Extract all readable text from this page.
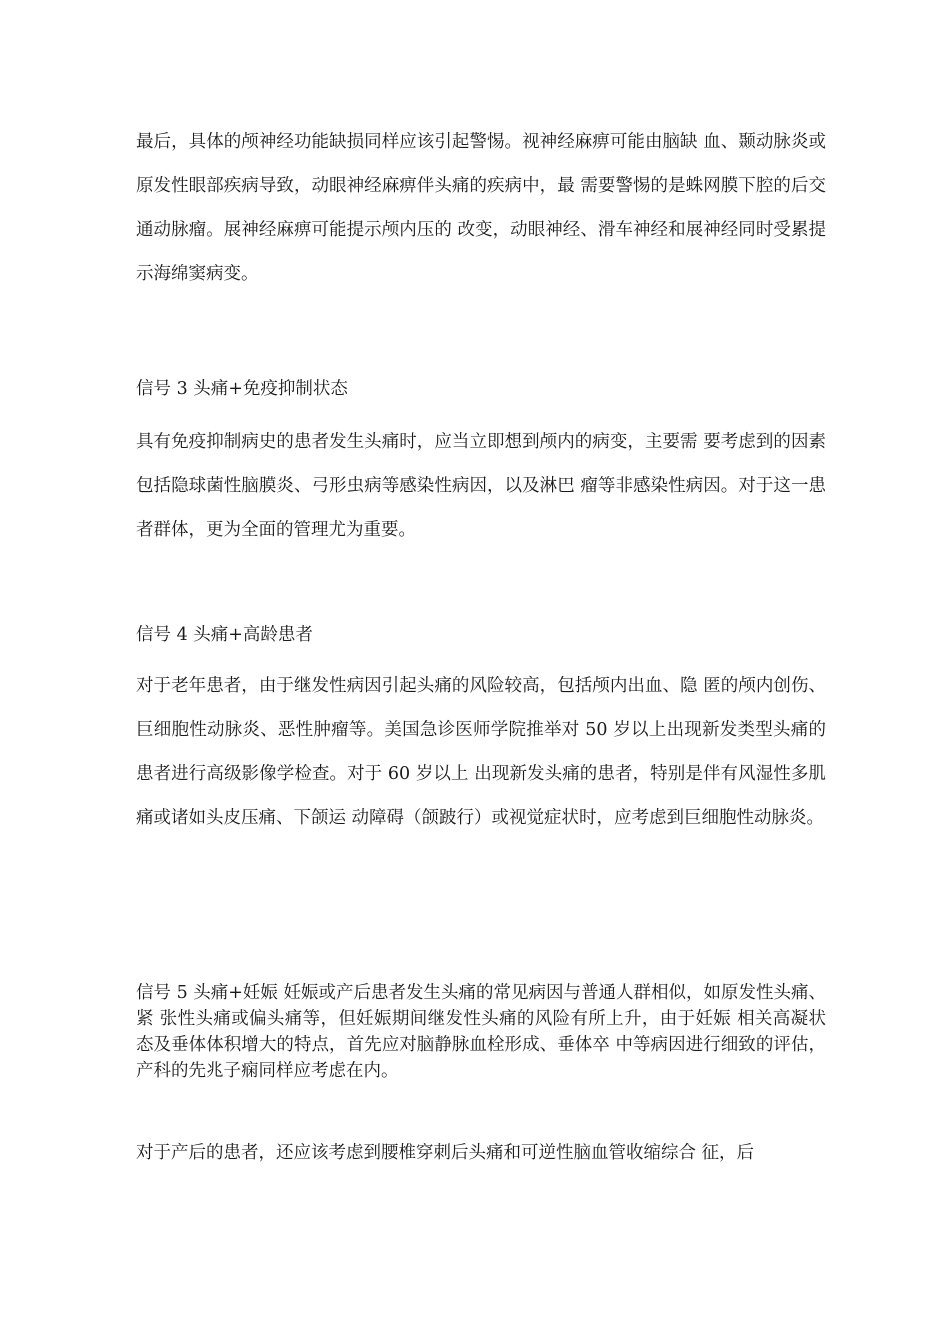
最后，具体的颅神经功能缺损同样应该引起警惕。视神经麻痹可能由脑缺 血、颞动脉炎或原发性眼部疾病导致，动眼神经麻痹伴头痛的疾病中，最 需要警惕的是蛛网膜下腔的后交通动脉瘤。展神经麻痹可能提示颅内压的 改变，动眼神经、滑车神经和展神经同时受累提示海绵窦病变。

信号 3 头痛+免疫抑制状态

具有免疫抑制病史的患者发生头痛时，应当立即想到颅内的病变，主要需 要考虑到的因素包括隐球菌性脑膜炎、弓形虫病等感染性病因，以及淋巴 瘤等非感染性病因。对于这一患者群体，更为全面的管理尤为重要。

信号 4 头痛+高龄患者

对于老年患者，由于继发性病因引起头痛的风险较高，包括颅内出血、隐 匿的颅内创伤、巨细胞性动脉炎、恶性肿瘤等。美国急诊医师学院推举对 50 岁以上出现新发类型头痛的患者进行高级影像学检查。对于 60 岁以上 出现新发头痛的患者，特别是伴有风湿性多肌痛或诸如头皮压痛、下颌运 动障碍（颌跛行）或视觉症状时，应考虑到巨细胞性动脉炎。

信号 5 头痛+妊娠 妊娠或产后患者发生头痛的常见病因与普通人群相似，如原发性头痛、紧 张性头痛或偏头痛等，但妊娠期间继发性头痛的风险有所上升，由于妊娠 相关高凝状态及垂体体积增大的特点，首先应对脑静脉血栓形成、垂体卒 中等病因进行细致的评估，产科的先兆子痫同样应考虑在内。

对于产后的患者，还应该考虑到腰椎穿刺后头痛和可逆性脑血管收缩综合 征，后
